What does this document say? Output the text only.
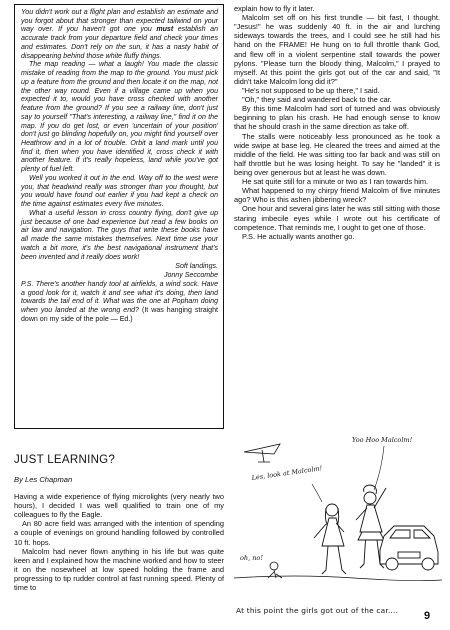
You didn't work out a flight plan and establish an estimate and you forgot about that stronger than expected tailwind on your way over. If you haven't got one you must establish an accurate track from your departure field and check your times and estimates. Don't rely on the sun, it has a nasty habit of disappearing behind those white fluffy things.

The map reading — what a laugh! You made the classic mistake of reading from the map to the ground. You must pick up a feature from the ground and then locate it on the map, not the other way round. Even if a village came up when you expected it to, would you have cross checked with another feature from the ground? If you see a railway line, don't just say to yourself "That's interesting, a railway line," find it on the map. If you do get lost, or even 'uncertain of your position' don't just go blinding hopefully on, you might find yourself over Heathrow and in a lot of trouble. Orbit a land mark until you find it, then when you have identified it, cross check it with another feature. If it's really hopeless, land while you've got plenty of fuel left.

Well you worked it out in the end. Way off to the west were you, that headwind really was stronger than you thought, but you would have found out earlier if you had kept a check on the time against estimates every five minutes.

What a useful lesson in cross country flying, don't give up just because of one bad experience but read a few books on air law and navigation. The guys that write these books have all made the same mistakes themselves. Next time use your watch a bit more, it's the best navigational instrument that's been invented and it really does work!

Soft landings.
Jonny Seccombe

P.S. There's another handy tool at airfields, a wind sock. Have a good look for it, watch it and see what it's doing, then land towards the tail end of it. What was the one at Popham doing when you landed at the wrong end? (It was hanging straight down on my side of the pole — Ed.)

JUST LEARNING?
By Les Chapman

Having a wide experience of flying microlights (very nearly two hours), I decided I was well qualified to train one of my colleagues to fly the Eagle.

An 80 acre field was arranged with the intention of spending a couple of evenings on ground handling followed by controlled 10 ft. hops.

Malcolm had never flown anything in his life but was quite keen and I explained how the machine worked and how to steer it on the nosewheel at low speed holding the frame and progressing to tip rudder control at fast running speed. Plenty of time to

explain how to fly it later.

Malcolm set off on his first trundle — bit fast, I thought. "Jesus!" he was suddenly 40 ft. in the air and lurching sideways towards the trees, and I could see he still had his hand on the FRAME! He hung on to full throttle thank God, and flew off in a violent serpentine stall towards the power pylons. "Please turn the bloody thing, Malcolm," I prayed to myself. At this point the girls got out of the car and said, "It didn't take Malcolm long did it?"

"He's not supposed to be up there," I said.

"Oh," they said and wandered back to the car.

By this time Malcolm had sort of turned and was obviously beginning to plan his crash. He had enough sense to know that he should crash in the same direction as take off.

The stalls were noticeably less pronounced as he took a wide swipe at base leg. He cleared the trees and aimed at the middle of the field. He was sitting too far back and was still on half throttle but he was losing height. To say he "landed" it is being over generous but at least he was down.

He sat quite still for a minute or two as I ran towards him.

What happened to my chirpy friend Malcolm of five minutes ago? Who is this ashen jibbering wreck?

One hour and several gins later he was still sitting with those staring imbecile eyes while I wrote out his certificate of competence. That reminds me, I ought to get one of those.

P.S. He actually wants another go.

Yoo Hoo Malcolm!
Les, look at Malcolm!
oh, no!
At this point the girls got out of the car....	9
